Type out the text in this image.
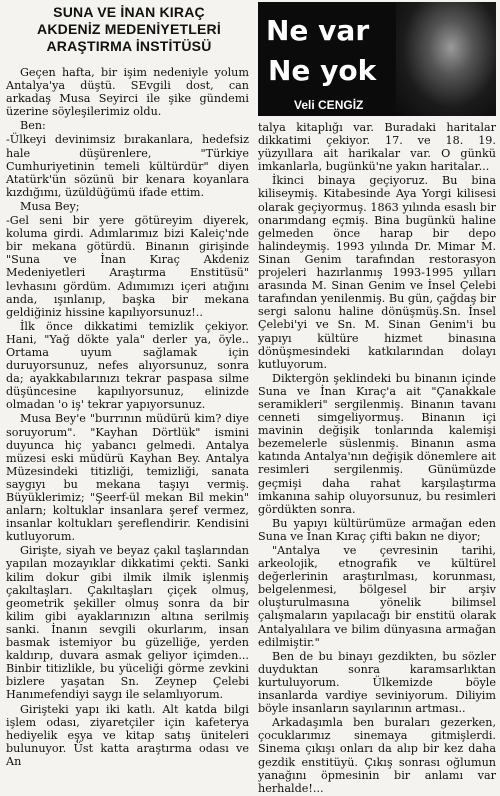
SUNA VE İNAN KIRAÇ
AKDENİZ MEDENİYETLERİ
ARAŞTIRMA İNSTİTÜSÜ	Ne var
Ne yok
Veli CENGİZ

Geçen hafta, bir işim nedeniyle yolum Antalya'ya düştü. SEvgili dost, can arkadaş Musa Seyirci ile şike gündemi üzerine söyleşilerimiz oldu.

Ben:

-Ülkeyi devinimsiz bırakanlara, hedefsiz hale düşürenlere, "Türkiye Cumhuriyetinin temeli kültürdür" diyen Atatürk'ün sözünü bir kenara koyanlara kızdığımı, üzüldüğümü ifade ettim.

Musa Bey;

-Gel seni bir yere götüreyim diyerek, koluma girdi. Adımlarımız bizi Kaleiç'nde bir mekana götürdü. Binanın girişinde "Suna ve İnan Kıraç Akdeniz Medeniyetleri Araştırma Enstitüsü" levhasını gördüm. Adımımızı içeri atığını anda, ışınlanıp, başka bir mekana geldiğiniz hissine kapılıyorsunuz!..

İlk önce dikkatimi temizlik çekiyor. Hani, "Yağ dökte yala" derler ya, öyle.. Ortama uyum sağlamak için duruyorsunuz, nefes alıyorsunuz, sonra da; ayakkabılarınızı tekrar paspasa silme düşüncesine kapılıyorsunuz, elinizde olmadan 'o iş' tekrar yapıyorsunuz.

Musa Bey'e "burrının müdürü kim? diye soruyorum". "Kayhan Dörtlük" ismini duyunca hiç yabancı gelmedi. Antalya müzesi eski müdürü Kayhan Bey. Antalya Müzesindeki titizliği, temizliği, sanata saygıyı bu mekana taşıyı vermiş. Büyüklerimiz; "Şeerf-ül mekan Bil mekin" anlarn; koltuklar insanlara şeref vermez, insanlar koltukları şereflendirir. Kendisini kutluyorum.

Girişte, siyah ve beyaz çakıl taşlarından yapılan mozayıklar dikkatimi çekti. Sanki kilim dokur gibi ilmik ilmik işlenmiş çakıltaşları. Çakıltaşları çiçek olmuş, geometrik şekiller olmuş sonra da bir kilim gibi ayaklarınızın altına serilmiş sanki. İnanın sevgili okurlarım, insan basmak istemiyor bu güzelliğe, yerden kaldırıp, duvara asmak geliyor içimden... Binbir titizlikle, bu yüceliği görme zevkini bizlere yaşatan Sn. Zeynep Çelebi Hanımefendiyi saygı ile selamlıyorum.

Girişteki yapı iki katlı. Alt katda bilgi işlem odası, ziyaretçiler için kafeterya hediyelik eşya ve kitap satış üniteleri bulunuyor. Üst katta araştırma odası ve An

talya kitaplığı var. Buradaki haritalar dikkatimi çekiyor. 17. ve 18. 19. yüzyıllara ait harikalar var. O günkü imkanlarla, bugünkü'ne yakın haritalar...

İkinci binaya geçiyoruz. Bu bina kiliseymiş. Kitabesinde Aya Yorgi kilisesi olarak geçiyormuş. 1863 yılında esaslı bir onarımdang eçmiş. Bina bugünkü haline gelmeden önce harap bir depo halindeymiş. 1993 yılında Dr. Mimar M. Sinan Genim tarafından restorasyon projeleri hazırlanmış 1993-1995 yılları arasında M. Sinan Genim ve İnsel Çelebi tarafından yenilenmiş. Bu gün, çağdaş bir sergi salonu haline dönüşmüş.Sn. İnsel Çelebi'yi ve Sn. M. Sinan Genim'i bu yapıyı kültüre hizmet binasına dönüşmesindeki katkılarından dolayı kutluyorum.

Diktergön şeklindeki bu binanın içinde Suna ve İnan Kıraç'a ait "Çanakkale seramikleri" sergilenmiş. Binanın tavanı cenneti simgeliyormuş. Binanın içi mavinin değişik tonlarında kalemişi bezemelerle süslenmiş. Binanın asma katında Antalya'nın değişik dönemlere ait resimleri sergilenmiş. Günümüzde geçmişi daha rahat karşılaştırma imkanına sahip oluyorsunuz, bu resimleri gördükten sonra.

Bu yapıyı kültürümüze armağan eden Suna ve İnan Kıraç çifti bakın ne diyor;

"Antalya ve çevresinin tarihi, arkeolojik, etnografik ve kültürel değerlerinin araştırılması, korunması, belgelenmesi, bölgesel bir arşiv oluşturulmasına yönelik bilimsel çalışmaların yapılacağı bir enstitü olarak Antalyalılara ve bilim dünyasına armağan edilmiştir."

Ben de bu binayı gezdikten, bu sözler duyduktan sonra karamsarlıktan kurtuluyorum. Ülkemizde böyle insanlarda vardiye seviniyorum. Diliyim böyle insanların sayılarının artması..

Arkadaşımla ben buraları gezerken, çocuklarımız sinemaya gitmişlerdi. Sinema çıkışı onları da alıp bir kez daha gezdik enstitüyü. Çıkış sonrası oğlumun yanağını öpmesinin bir anlamı var herhalde!...
